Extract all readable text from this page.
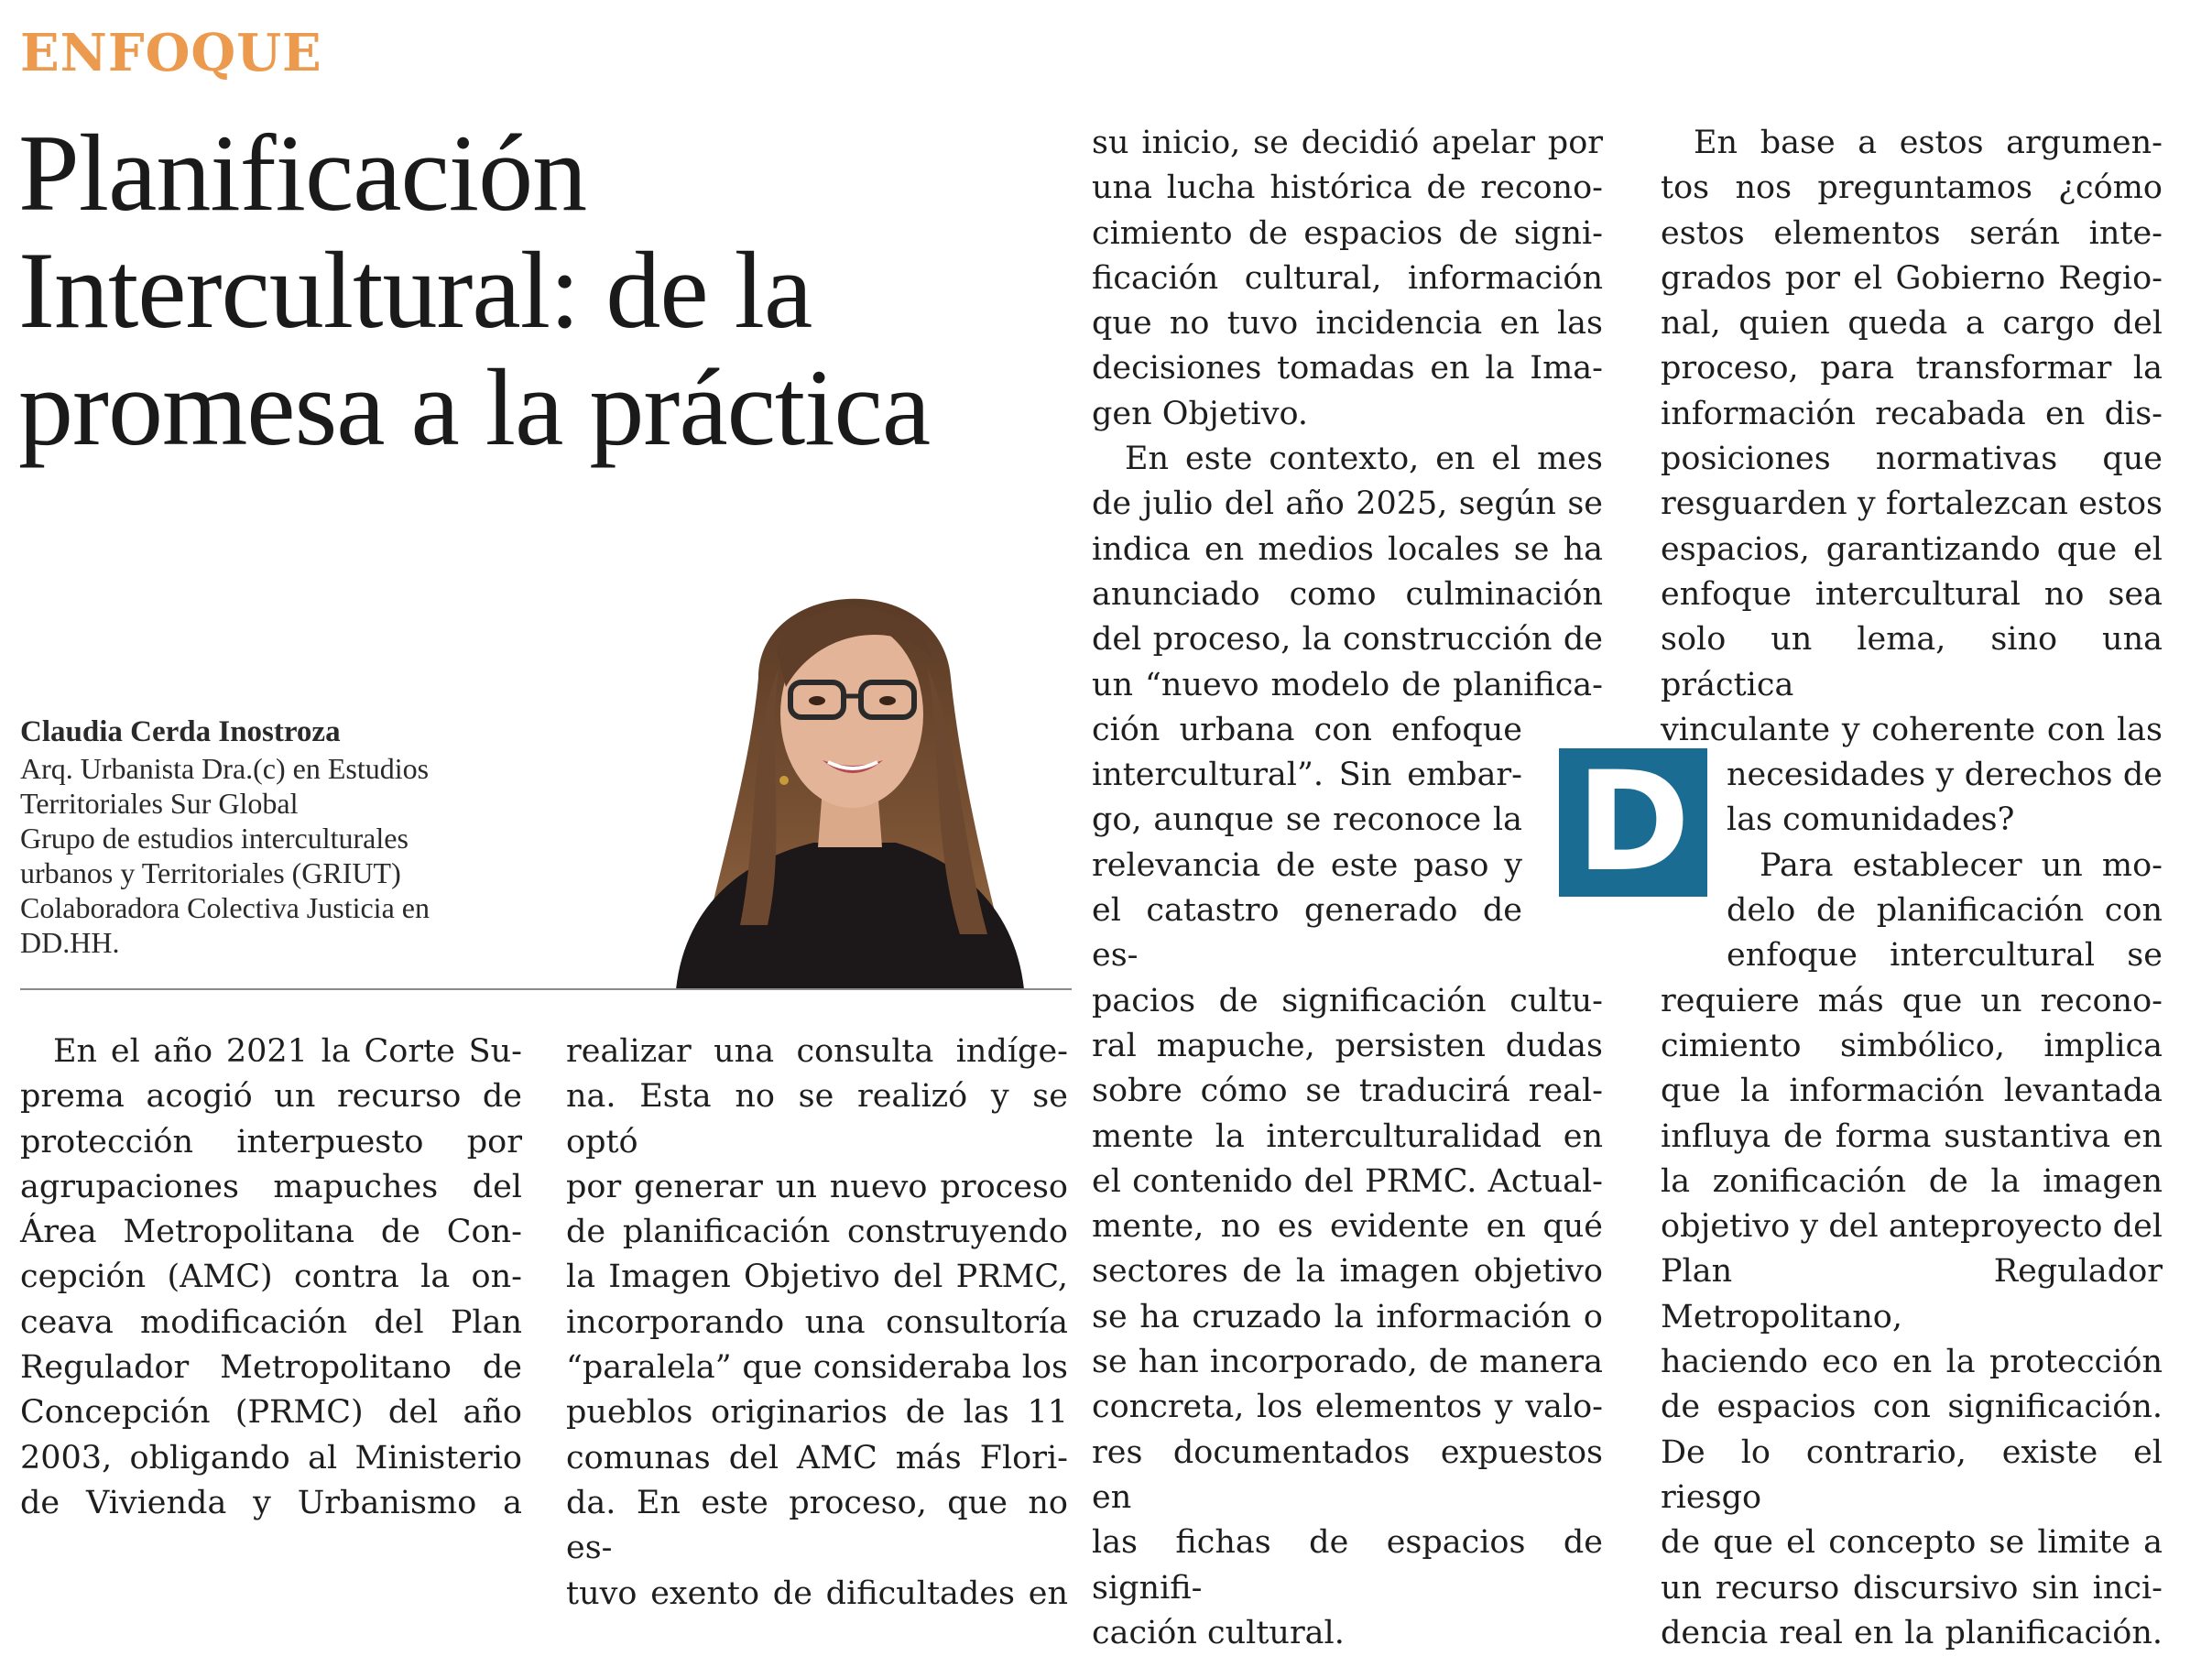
ENFOQUE
Planificación
Intercultural: de la
promesa a la práctica
Claudia Cerda Inostroza
Arq. Urbanista Dra.(c) en Estudios
Territoriales Sur Global
Grupo de estudios interculturales
urbanos y Territoriales (GRIUT)
Colaboradora Colectiva Justicia en
DD.HH.

En el año 2021 la Corte Su-

prema acogió un recurso de

protección interpuesto por

agrupaciones mapuches del

Área Metropolitana de Con-

cepción (AMC) contra la on-

ceava modificación del Plan

Regulador Metropolitano de

Concepción (PRMC) del año

2003, obligando al Ministerio

de Vivienda y Urbanismo a

realizar una consulta indíge-

na. Esta no se realizó y se optó

por generar un nuevo proceso

de planificación construyendo

la Imagen Objetivo del PRMC,

incorporando una consultoría

“paralela” que consideraba los

pueblos originarios de las 11

comunas del AMC más Flori-

da. En este proceso, que no es-

tuvo exento de dificultades en

su inicio, se decidió apelar por

una lucha histórica de recono-

cimiento de espacios de signi-

ficación cultural, información

que no tuvo incidencia en las

decisiones tomadas en la Ima-

gen Objetivo.

En este contexto, en el mes

de julio del año 2025, según se

indica en medios locales se ha

anunciado como culminación

del proceso, la construcción de

un “nuevo modelo de planifica-

ción urbana con enfoque

intercultural”. Sin embar-

go, aunque se reconoce la

relevancia de este paso y

el catastro generado de es-

pacios de significación cultu-

ral mapuche, persisten dudas

sobre cómo se traducirá real-

mente la interculturalidad en

el contenido del PRMC. Actual-

mente, no es evidente en qué

sectores de la imagen objetivo

se ha cruzado la información o

se han incorporado, de manera

concreta, los elementos y valo-

res documentados expuestos en

las fichas de espacios de signifi-

cación cultural.

D

En base a estos argumen-

tos nos preguntamos ¿cómo

estos elementos serán inte-

grados por el Gobierno Regio-

nal, quien queda a cargo del

proceso, para transformar la

información recabada en dis-

posiciones normativas que

resguarden y fortalezcan estos

espacios, garantizando que el

enfoque intercultural no sea

solo un lema, sino una práctica

vinculante y coherente con las

necesidades y derechos de

las comunidades?

Para establecer un mo-

delo de planificación con

enfoque intercultural se

requiere más que un recono-

cimiento simbólico, implica

que la información levantada

influya de forma sustantiva en

la zonificación de la imagen

objetivo y del anteproyecto del

Plan Regulador Metropolitano,

haciendo eco en la protección

de espacios con significación.

De lo contrario, existe el riesgo

de que el concepto se limite a

un recurso discursivo sin inci-

dencia real en la planificación.
